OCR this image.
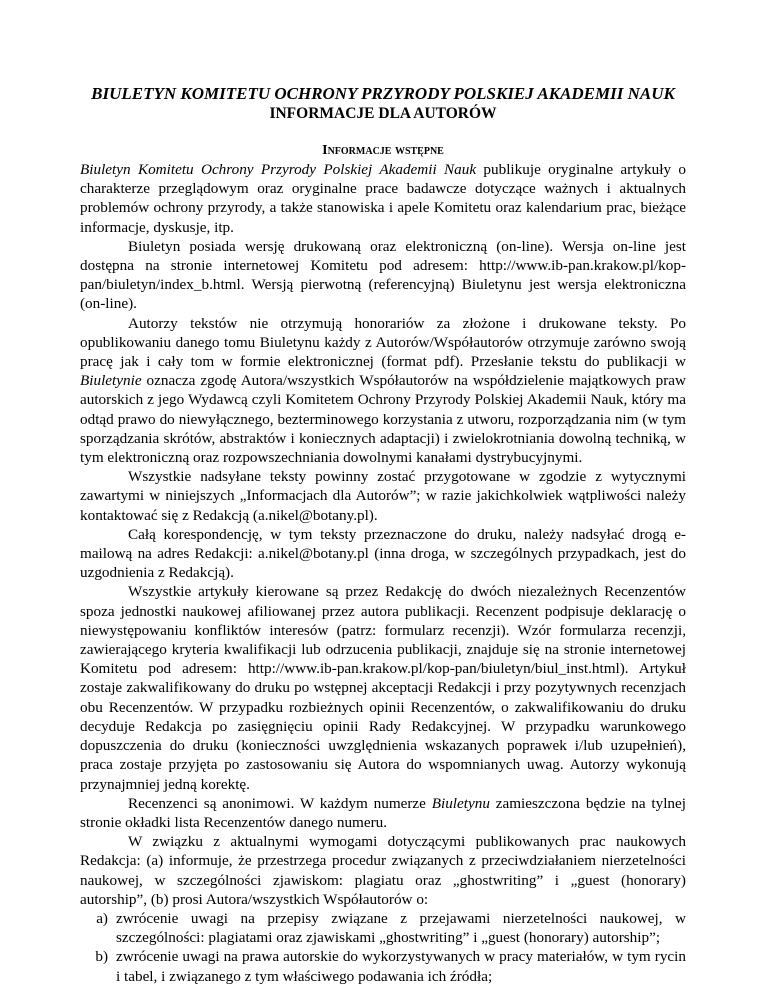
BIULETYN KOMITETU OCHRONY PRZYRODY POLSKIEJ AKADEMII NAUK

INFORMACJE DLA AUTORÓW

Informacje wstępne

Biuletyn Komitetu Ochrony Przyrody Polskiej Akademii Nauk publikuje oryginalne artykuły o charakterze przeglądowym oraz oryginalne prace badawcze dotyczące ważnych i aktualnych problemów ochrony przyrody, a także stanowiska i apele Komitetu oraz kalendarium prac, bieżące informacje, dyskusje, itp.

Biuletyn posiada wersję drukowaną oraz elektroniczną (on-line). Wersja on-line jest dostępna na stronie internetowej Komitetu pod adresem: http://www.ib-pan.krakow.pl/kop-pan/biuletyn/index_b.html. Wersją pierwotną (referencyjną) Biuletynu jest wersja elektroniczna (on-line).

Autorzy tekstów nie otrzymują honorariów za złożone i drukowane teksty. Po opublikowaniu danego tomu Biuletynu każdy z Autorów/Współautorów otrzymuje zarówno swoją pracę jak i cały tom w formie elektronicznej (format pdf). Przesłanie tekstu do publikacji w Biuletynie oznacza zgodę Autora/wszystkich Współautorów na współdzielenie majątkowych praw autorskich z jego Wydawcą czyli Komitetem Ochrony Przyrody Polskiej Akademii Nauk, który ma odtąd prawo do niewyłącznego, bezterminowego korzystania z utworu, rozporządzania nim (w tym sporządzania skrótów, abstraktów i koniecznych adaptacji) i zwielokrotniania dowolną techniką, w tym elektroniczną oraz rozpowszechniania dowolnymi kanałami dystrybucyjnymi.

Wszystkie nadsyłane teksty powinny zostać przygotowane w zgodzie z wytycznymi zawartymi w niniejszych „Informacjach dla Autorów”; w razie jakichkolwiek wątpliwości należy kontaktować się z Redakcją (a.nikel@botany.pl).

Całą korespondencję, w tym teksty przeznaczone do druku, należy nadsyłać drogą e-mailową na adres Redakcji: a.nikel@botany.pl (inna droga, w szczególnych przypadkach, jest do uzgodnienia z Redakcją).

Wszystkie artykuły kierowane są przez Redakcję do dwóch niezależnych Recenzentów spoza jednostki naukowej afiliowanej przez autora publikacji. Recenzent podpisuje deklarację o niewystępowaniu konfliktów interesów (patrz: formularz recenzji). Wzór formularza recenzji, zawierającego kryteria kwalifikacji lub odrzucenia publikacji, znajduje się na stronie internetowej Komitetu pod adresem: http://www.ib-pan.krakow.pl/kop-pan/biuletyn/biul_inst.html). Artykuł zostaje zakwalifikowany do druku po wstępnej akceptacji Redakcji i przy pozytywnych recenzjach obu Recenzentów. W przypadku rozbieżnych opinii Recenzentów, o zakwalifikowaniu do druku decyduje Redakcja po zasięgnięciu opinii Rady Redakcyjnej. W przypadku warunkowego dopuszczenia do druku (konieczności uwzględnienia wskazanych poprawek i/lub uzupełnień), praca zostaje przyjęta po zastosowaniu się Autora do wspomnianych uwag. Autorzy wykonują przynajmniej jedną korektę.

Recenzenci są anonimowi. W każdym numerze Biuletynu zamieszczona będzie na tylnej stronie okładki lista Recenzentów danego numeru.

W związku z aktualnymi wymogami dotyczącymi publikowanych prac naukowych Redakcja: (a) informuje, że przestrzega procedur związanych z przeciwdziałaniem nierzetelności naukowej, w szczególności zjawiskom: plagiatu oraz „ghostwriting” i „guest (honorary) autorship”, (b) prosi Autora/wszystkich Współautorów o:

a) zwrócenie uwagi na przepisy związane z przejawami nierzetelności naukowej, w szczególności: plagiatami oraz zjawiskami „ghostwriting” i „guest (honorary) autorship”;
b) zwrócenie uwagi na prawa autorskie do wykorzystywanych w pracy materiałów, w tym rycin i tabel, i związanego z tym właściwego podawania ich źródła;
